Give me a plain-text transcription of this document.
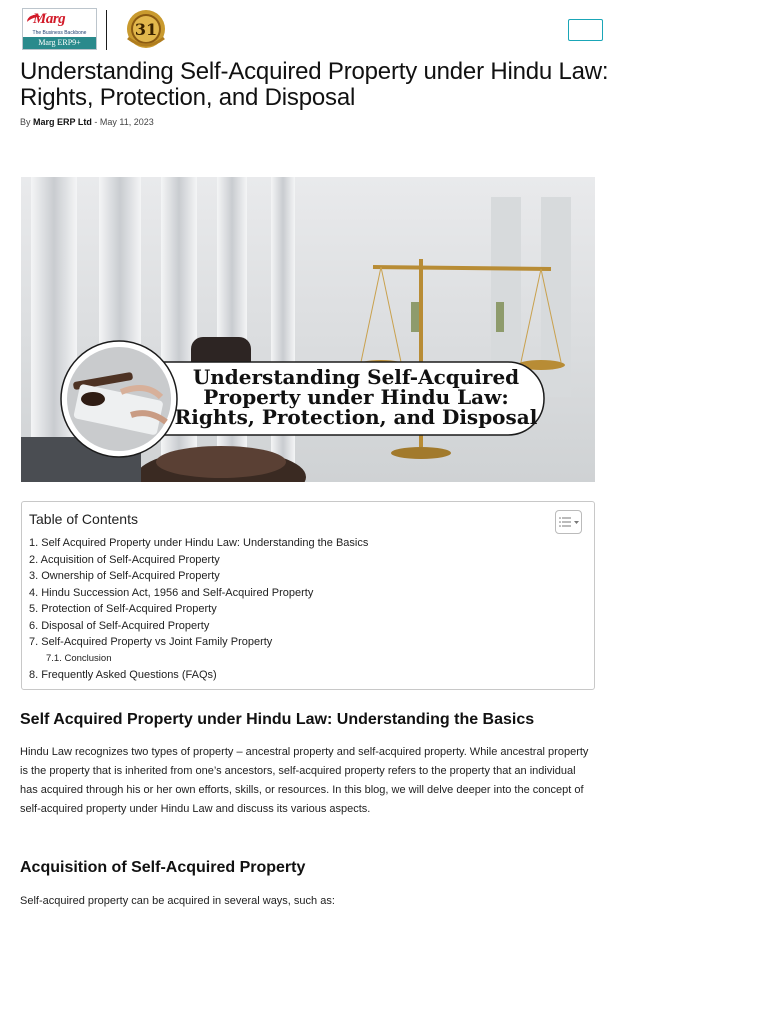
Marg
The Business Backbone
Marg ERP9+
31
Understanding Self-Acquired Property under Hindu Law: Rights, Protection, and Disposal
By Marg ERP Ltd - May 11, 2023
Understanding Self-Acquired Property under Hindu Law: Rights, Protection, and Disposal
Table of Contents
1. Self Acquired Property under Hindu Law: Understanding the Basics
2. Acquisition of Self-Acquired Property
3. Ownership of Self-Acquired Property
4. Hindu Succession Act, 1956 and Self-Acquired Property
5. Protection of Self-Acquired Property
6. Disposal of Self-Acquired Property
7. Self-Acquired Property vs Joint Family Property
7.1. Conclusion
8. Frequently Asked Questions (FAQs)
Self Acquired Property under Hindu Law: Understanding the Basics

Hindu Law recognizes two types of property – ancestral property and self-acquired property. While ancestral property is the property that is inherited from one’s ancestors, self-acquired property refers to the property that an individual has acquired through his or her own efforts, skills, or resources. In this blog, we will delve deeper into the concept of self-acquired property under Hindu Law and discuss its various aspects.

Acquisition of Self-Acquired Property

Self-acquired property can be acquired in several ways, such as:
